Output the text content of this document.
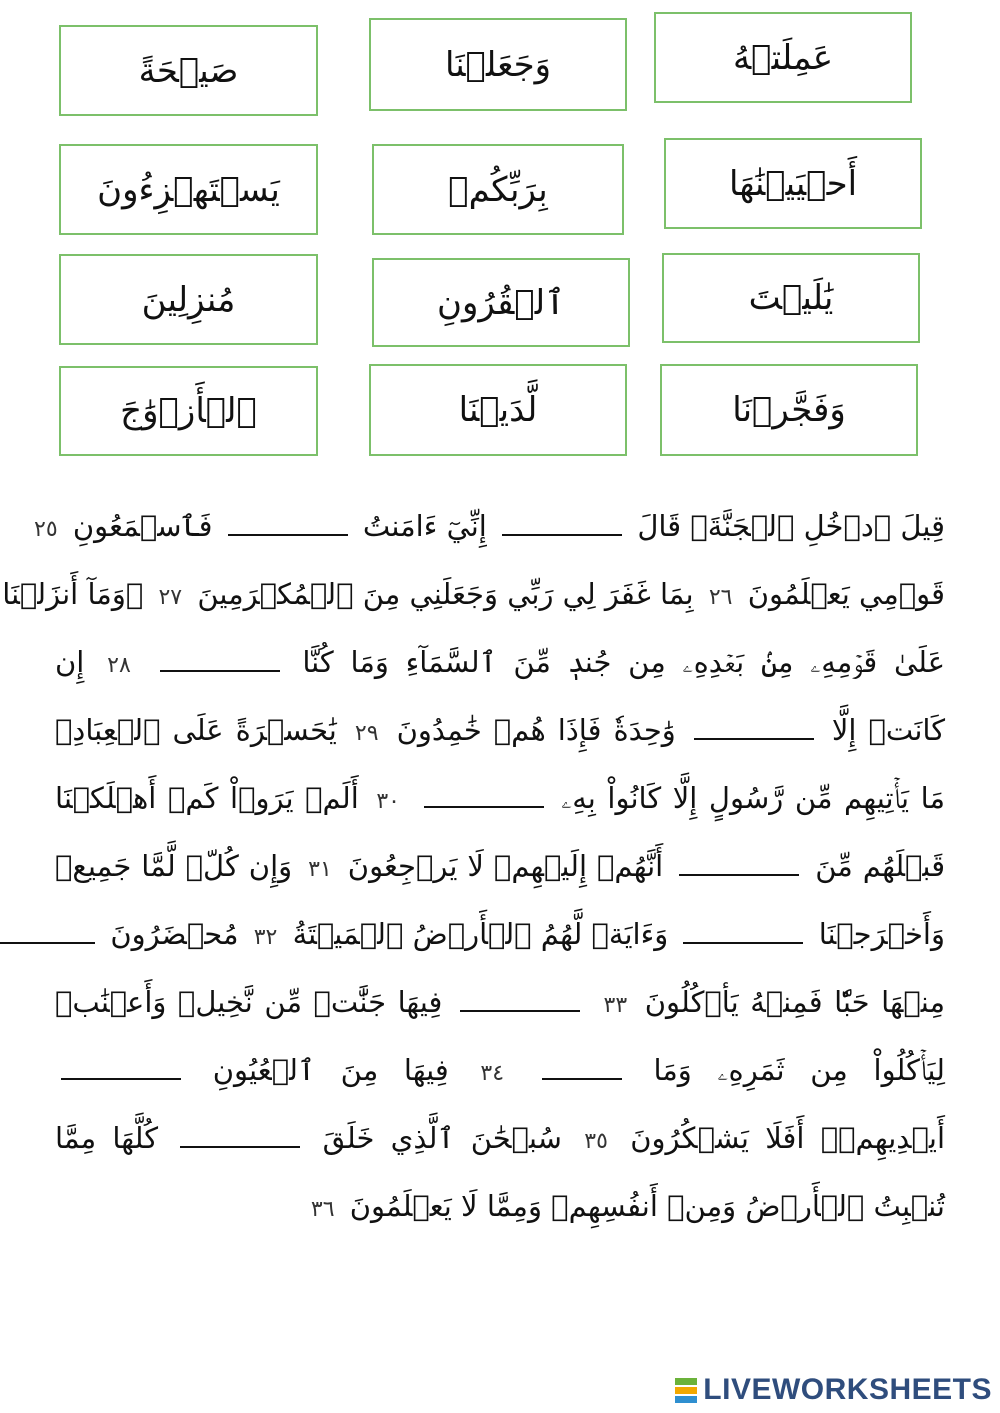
عَمِلَتۡهُ
وَجَعَلۡنَا
صَيۡحَةً
أَحۡيَيۡنَٰهَا
بِرَبِّكُمۡ
يَسۡتَهۡزِءُونَ
يَٰلَيۡتَ
ٱلۡقُرُونِ
مُنزِلِينَ
وَفَجَّرۡنَا
لَّدَيۡنَا
ٱلۡأَزۡوَٰجَ
قِيلَ ٱدۡخُلِ ٱلۡجَنَّةَۖ قَالَ  إِنِّيٓ ءَامَنتُ  فَٱسۡمَعُونِ ٢٥
قَوۡمِي يَعۡلَمُونَ ٢٦ بِمَا غَفَرَ لِي رَبِّي وَجَعَلَنِي مِنَ ٱلۡمُكۡرَمِينَ ٢٧ ۞وَمَآ أَنزَلۡنَا
عَلَىٰ قَوۡمِهِۦ مِنۢ بَعۡدِهِۦ مِن جُندٖ مِّنَ ٱلسَّمَآءِ وَمَا كُنَّا  ٢٨ إِن
كَانَتۡ إِلَّا  وَٰحِدَةٗ فَإِذَا هُمۡ خَٰمِدُونَ ٢٩ يَٰحَسۡرَةً عَلَى ٱلۡعِبَادِۚ
مَا يَأۡتِيهِم مِّن رَّسُولٍ إِلَّا كَانُواْ بِهِۦ  ٣٠ أَلَمۡ يَرَوۡاْ كَمۡ أَهۡلَكۡنَا
قَبۡلَهُم مِّنَ  أَنَّهُمۡ إِلَيۡهِمۡ لَا يَرۡجِعُونَ ٣١ وَإِن كُلّٞ لَّمَّا جَمِيعٞ
وَأَخۡرَجۡنَا  وَءَايَةٞ لَّهُمُ ٱلۡأَرۡضُ ٱلۡمَيۡتَةُ ٣٢ مُحۡضَرُونَ
مِنۡهَا حَبّٗا فَمِنۡهُ يَأۡكُلُونَ ٣٣  فِيهَا جَنَّٰتٖ مِّن نَّخِيلٖ وَأَعۡنَٰبٖ
لِيَأۡكُلُواْ مِن ثَمَرِهِۦ وَمَا  ٣٤ فِيهَا مِنَ ٱلۡعُيُونِ
أَيۡدِيهِمۡۚ أَفَلَا يَشۡكُرُونَ ٣٥ سُبۡحَٰنَ ٱلَّذِي خَلَقَ  كُلَّهَا مِمَّا
تُنۢبِتُ ٱلۡأَرۡضُ وَمِنۡ أَنفُسِهِمۡ وَمِمَّا لَا يَعۡلَمُونَ ٣٦
LIVEWORKSHEETS
